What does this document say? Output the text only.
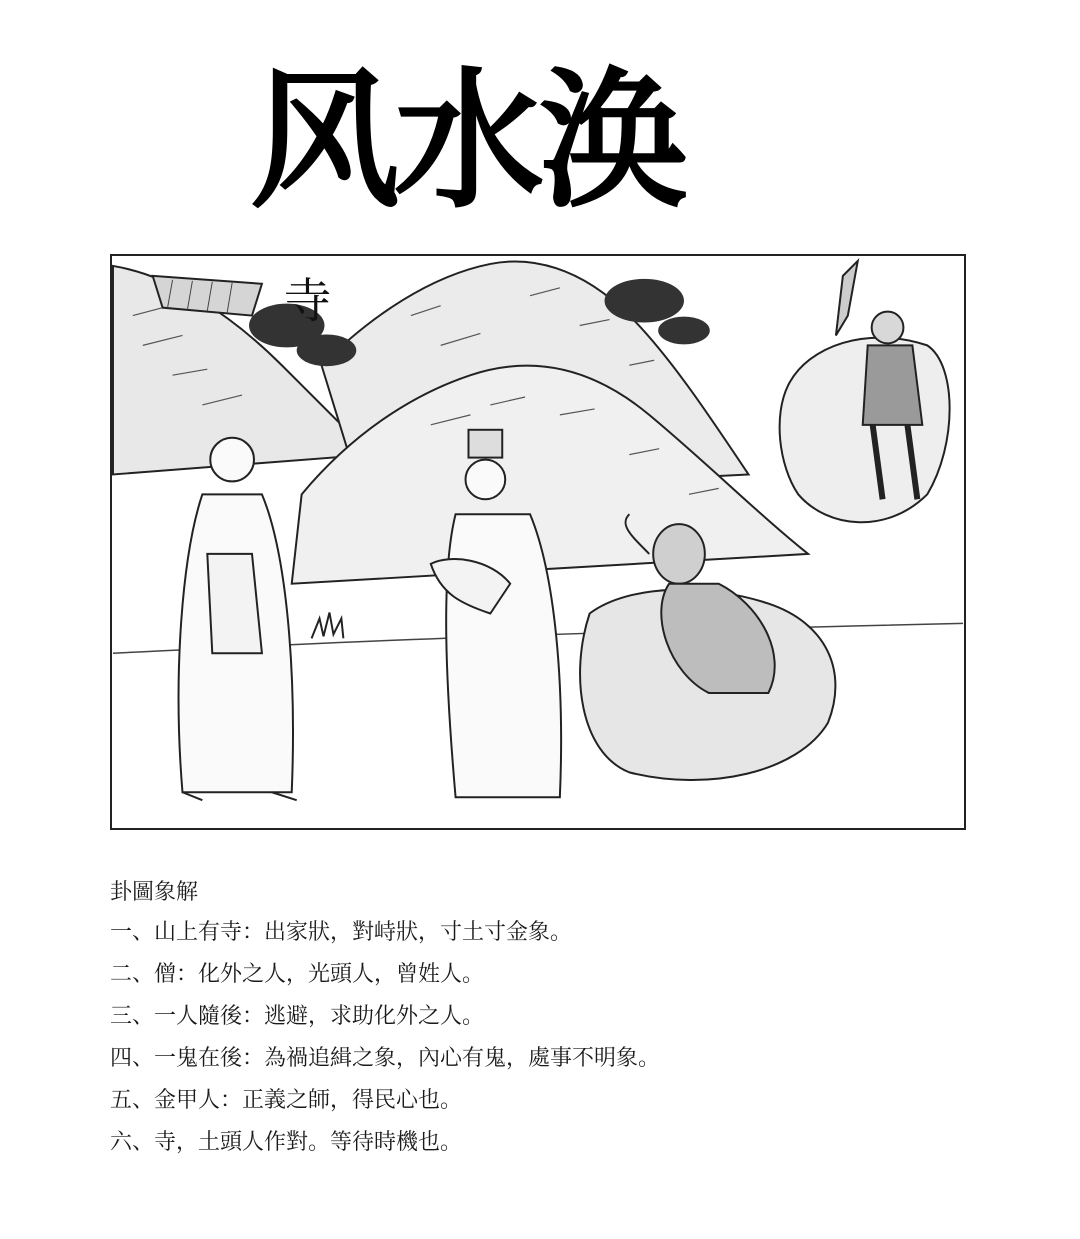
风水涣
寺
卦圖象解
一、山上有寺：出家狀，對峙狀，寸土寸金象。
二、僧：化外之人，光頭人，曾姓人。
三、一人隨後：逃避，求助化外之人。
四、一鬼在後：為禍追緝之象，內心有鬼，處事不明象。
五、金甲人：正義之師，得民心也。
六、寺，土頭人作對。等待時機也。
